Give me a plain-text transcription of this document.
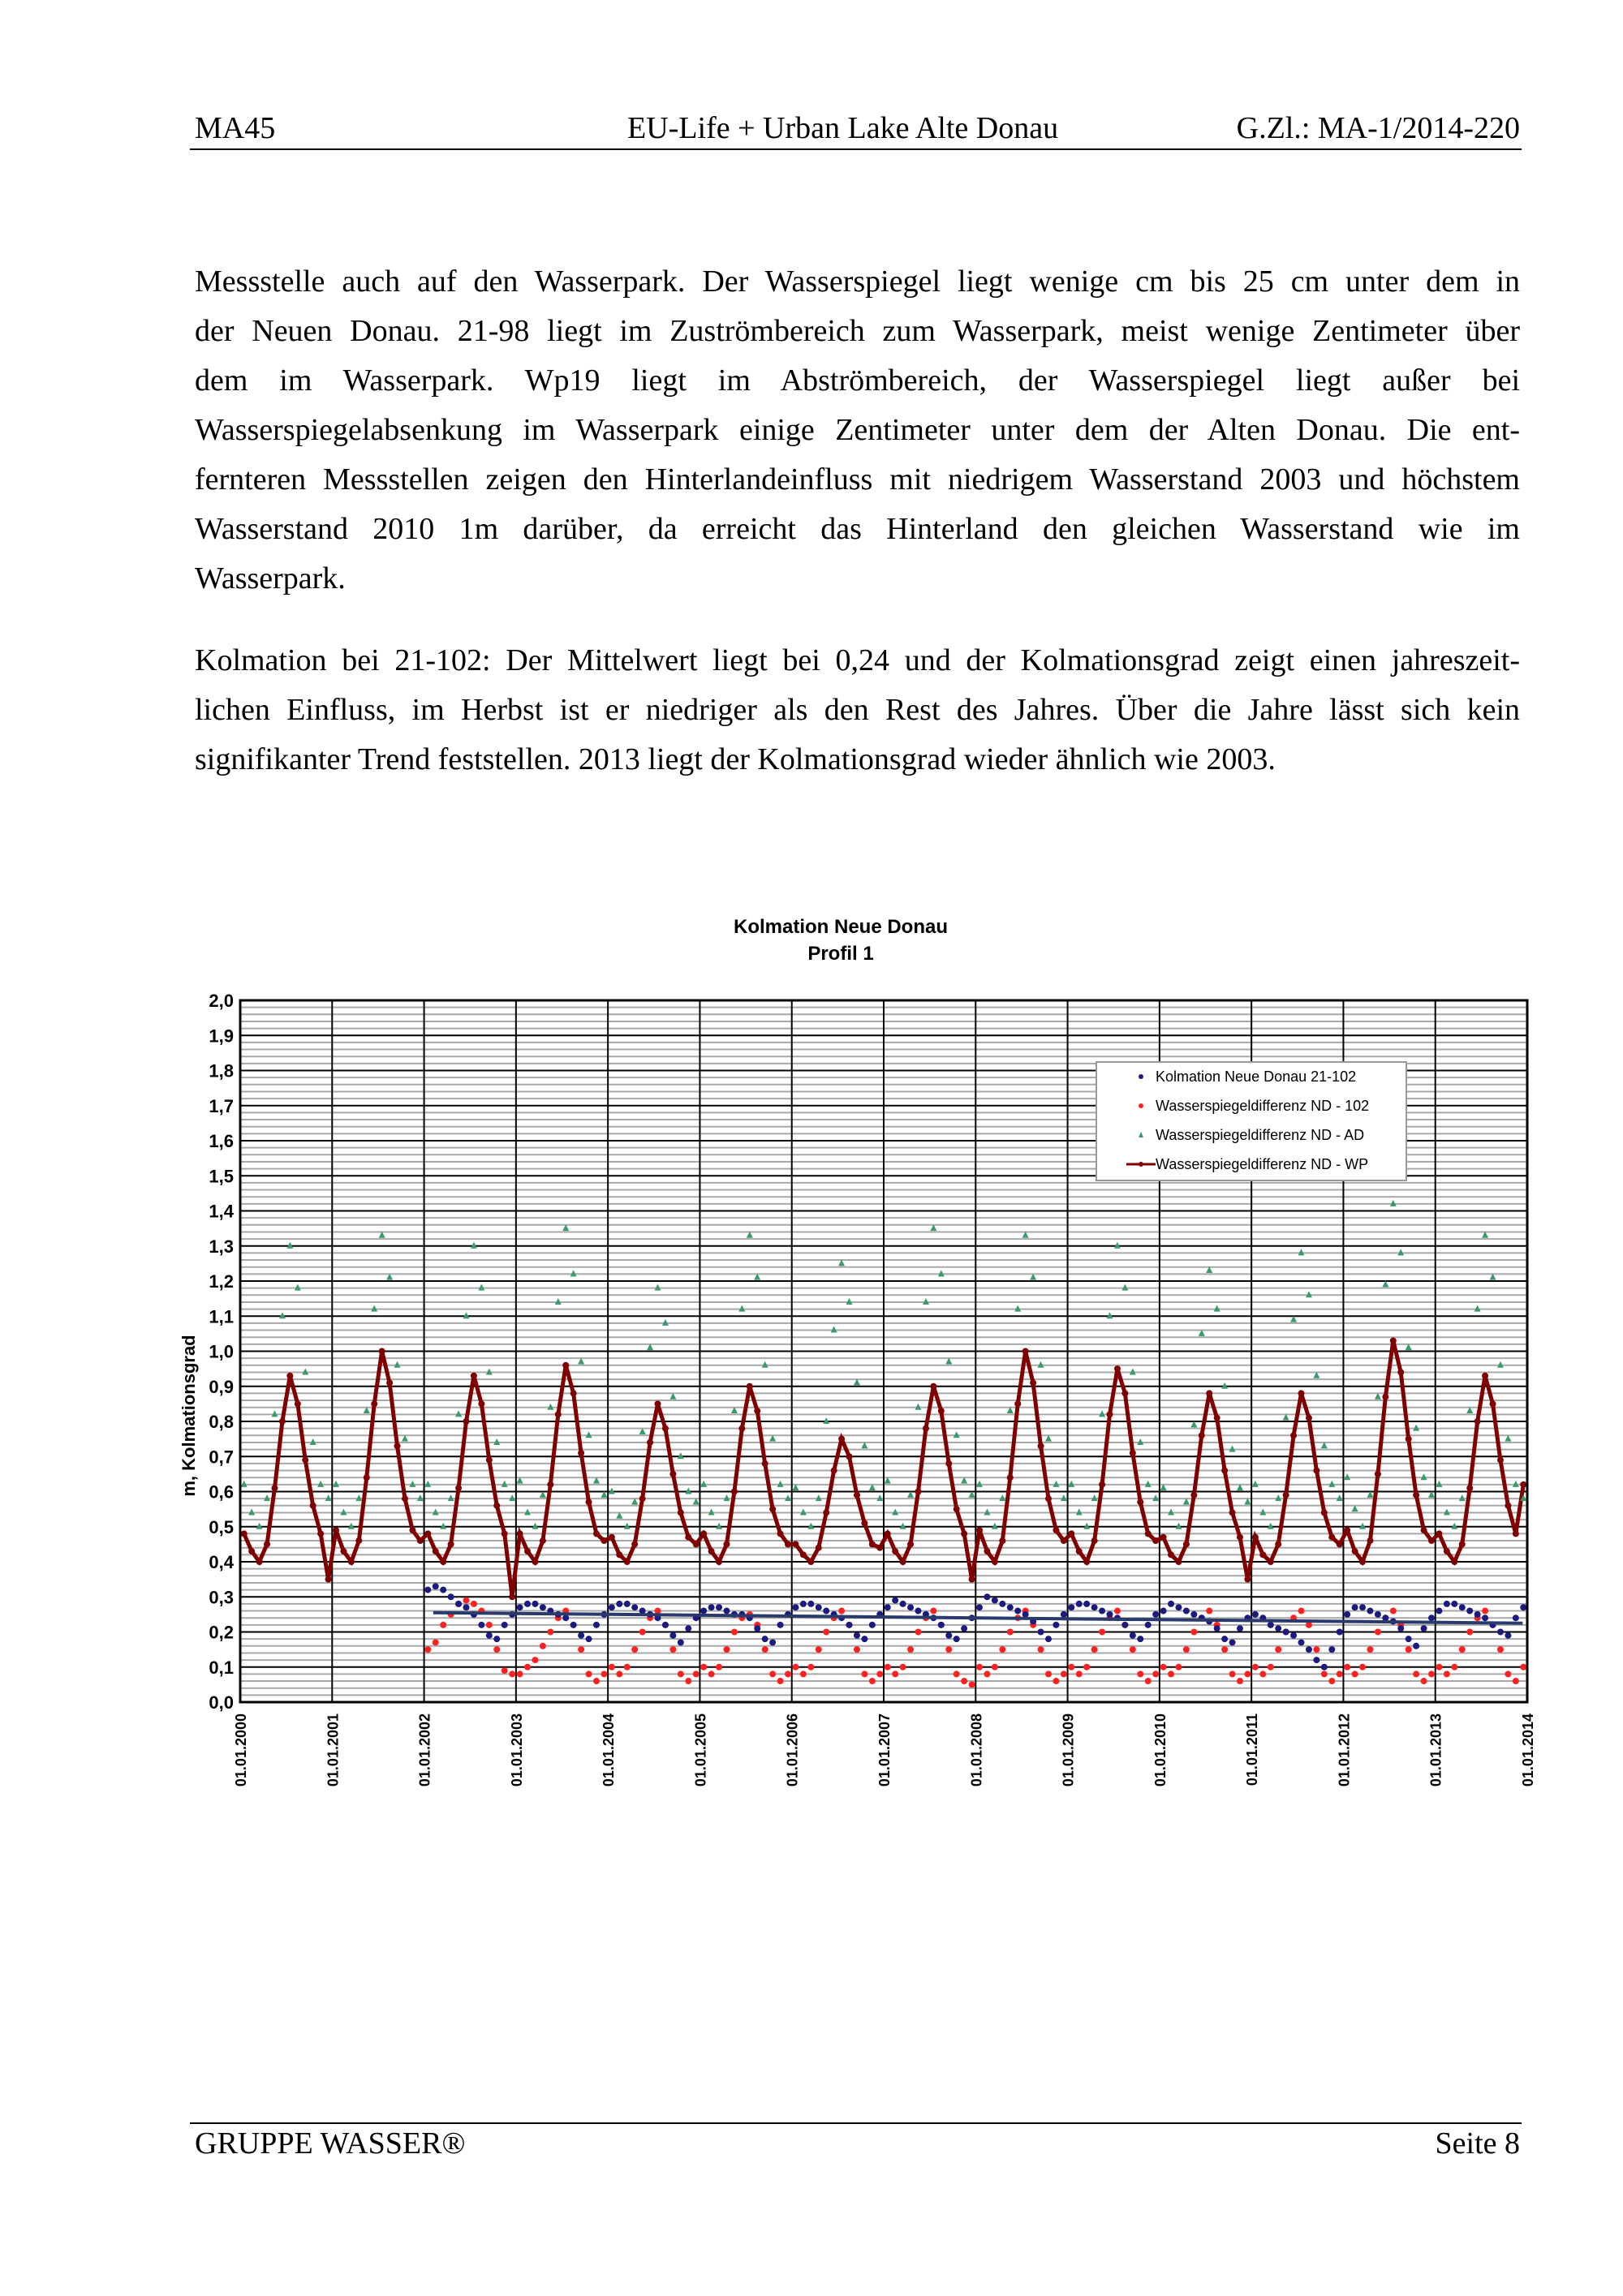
MA45	EU-Life + Urban Lake Alte Donau	G.Zl.: MA-1/2014-220
Messstelle auch auf den Wasserpark. Der Wasserspiegel liegt wenige cm bis 25 cm unter dem in
der Neuen Donau. 21-98 liegt im Zuströmbereich zum Wasserpark, meist wenige Zentimeter über
dem im Wasserpark. Wp19 liegt im Abströmbereich, der Wasserspiegel liegt außer bei
Wasserspiegelabsenkung im Wasserpark einige Zentimeter unter dem der Alten Donau. Die ent-
fernteren Messstellen zeigen den Hinterlandeinfluss mit niedrigem Wasserstand 2003 und höchstem
Wasserstand 2010 1m darüber, da erreicht das Hinterland den gleichen Wasserstand wie im
Wasserpark.
Kolmation bei 21-102: Der Mittelwert liegt bei 0,24 und der Kolmationsgrad zeigt einen jahreszeit-
lichen Einfluss, im Herbst ist er niedriger als den Rest des Jahres. Über die Jahre lässt sich kein
signifikanter Trend feststellen. 2013 liegt der Kolmationsgrad wieder ähnlich wie 2003.
Kolmation Neue Donau
Profil 1
0,0
0,1
0,2
0,3
0,4
0,5
0,6
0,7
0,8
0,9
1,0
1,1
1,2
1,3
1,4
1,5
1,6
1,7
1,8
1,9
2,0
01.01.2000	01.01.2001	01.01.2002	01.01.2003	01.01.2004	01.01.2005	01.01.2006	01.01.2007	01.01.2008	01.01.2009	01.01.2010	01.01.2011	01.01.2012	01.01.2013	01.01.2014
m, Kolmationsgrad
Kolmation Neue Donau 21-102
Wasserspiegeldifferenz ND - 102
Wasserspiegeldifferenz ND - AD
Wasserspiegeldifferenz ND - WP
GRUPPE WASSER®	Seite 8
